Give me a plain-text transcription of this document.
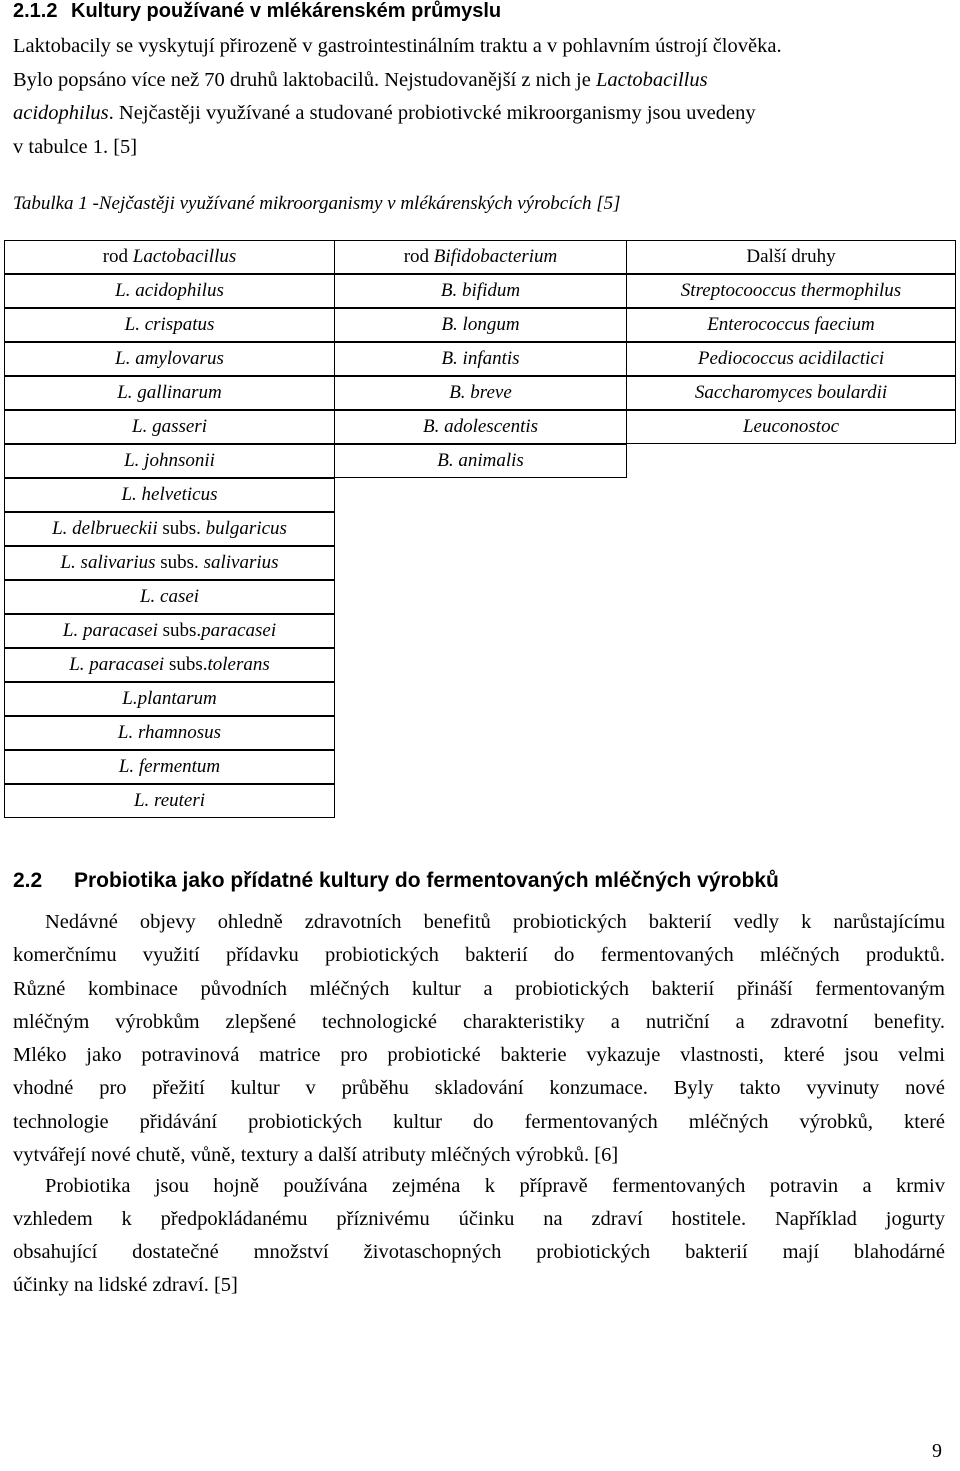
2.1.2 Kultury používané v mlékárenském průmyslu
Laktobacily se vyskytují přirozeně v gastrointestinálním traktu a v pohlavním ústrojí člověka.
Bylo popsáno více než 70 druhů laktobacilů. Nejstudovanější z nich je Lactobacillus
acidophilus. Nejčastěji využívané a studované probiotivcké mikroorganismy jsou uvedeny
v tabulce 1. [5]
Tabulka 1 -Nejčastěji využívané mikroorganismy v mlékárenských výrobcích [5]
rod Lactobacillus	rod Bifidobacterium	Další druhy
L. acidophilus
L. crispatus
L. amylovarus
L. gallinarum
L. gasseri
L. johnsonii
L. helveticus
L. delbrueckii subs. bulgaricus
L. salivarius subs. salivarius
L. casei
L. paracasei subs.paracasei
L. paracasei subs.tolerans
L.plantarum
L. rhamnosus
L. fermentum
L. reuteri
B. bifidum
B. longum
B. infantis
B. breve
B. adolescentis
B. animalis
Streptocooccus thermophilus
Enterococcus faecium
Pediococcus acidilactici
Saccharomyces boulardii
Leuconostoc
2.2 Probiotika jako přídatné kultury do fermentovaných mléčných výrobků
Nedávné objevy ohledně zdravotních benefitů probiotických bakterií vedly k narůstajícímu
komerčnímu využití přídavku probiotických bakterií do fermentovaných mléčných produktů.
Různé kombinace původních mléčných kultur a probiotických bakterií přináší fermentovaným
mléčným výrobkům zlepšené technologické charakteristiky a nutriční a zdravotní benefity.
Mléko jako potravinová matrice pro probiotické bakterie vykazuje vlastnosti, které jsou velmi
vhodné pro přežití kultur v průběhu skladování konzumace. Byly takto vyvinuty nové
technologie přidávání probiotických kultur do fermentovaných mléčných výrobků, které
vytvářejí nové chutě, vůně, textury a další atributy mléčných výrobků. [6]
Probiotika jsou hojně používána zejména k přípravě fermentovaných potravin a krmiv
vzhledem k předpokládanému příznivému účinku na zdraví hostitele. Například jogurty
obsahující dostatečné množství životaschopných probiotických bakterií mají blahodárné
účinky na lidské zdraví. [5]
9
